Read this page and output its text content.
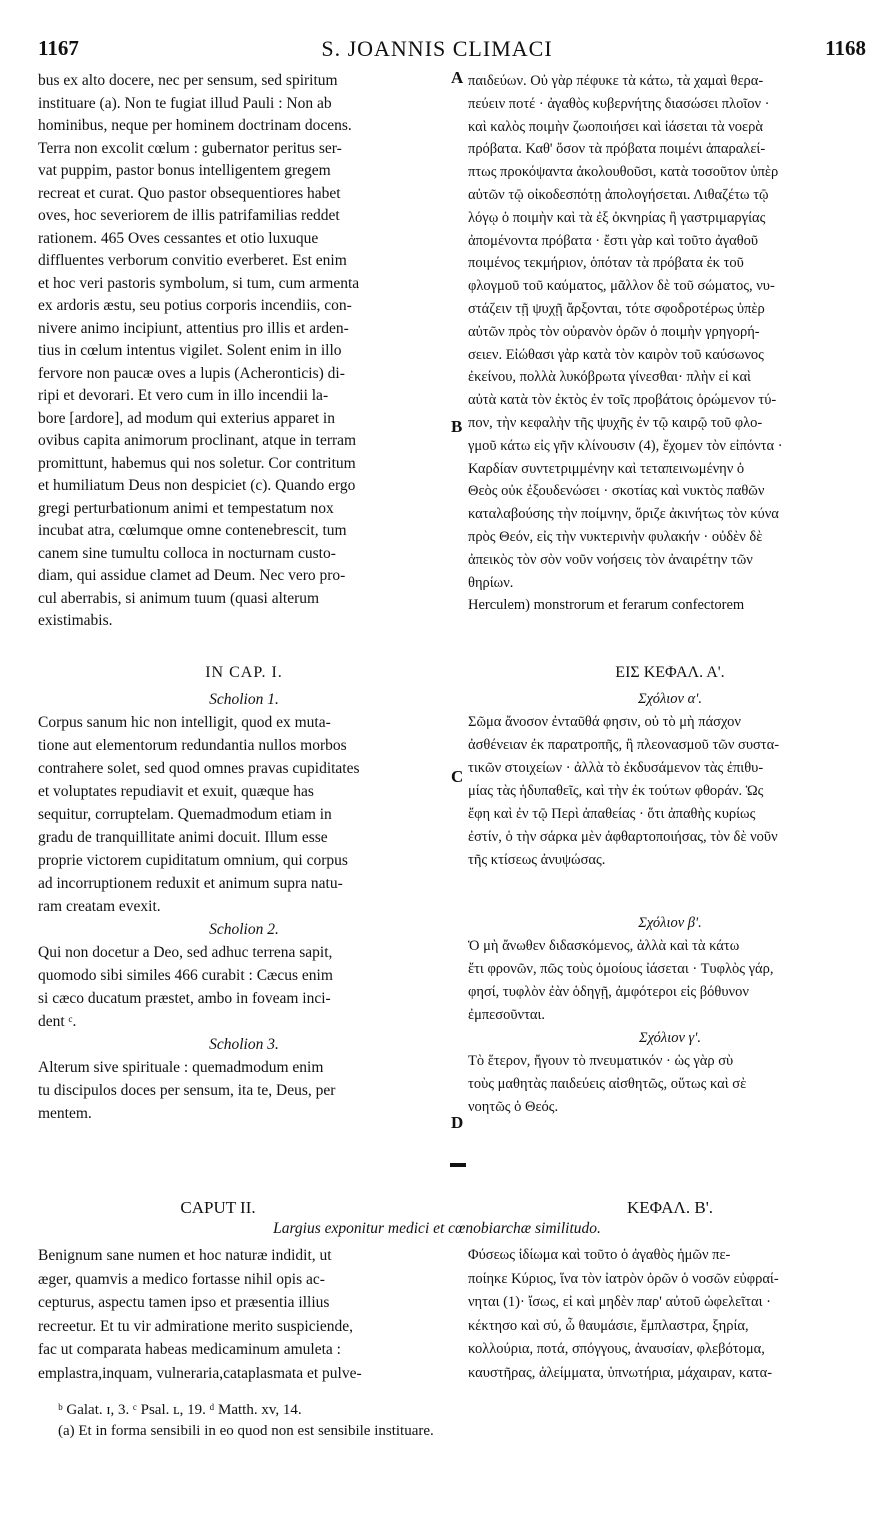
1167	S. JOANNIS CLIMACI	1168
bus ex alto docere, nec per sensum, sed spiritum
instituare (a). Non te fugiat illud Pauli : Non ab
hominibus, neque per hominem doctrinam docens.
Terra non excolit cœlum : gubernator peritus ser-
vat puppim, pastor bonus intelligentem gregem
recreat et curat. Quo pastor obsequentiores habet
oves, hoc severiorem de illis patrifamilias reddet
rationem. 465 Oves cessantes et otio luxuque
diffluentes verborum convitio everberet. Est enim
et hoc veri pastoris symbolum, si tum, cum armenta
ex ardoris æstu, seu potius corporis incendiis, con-
nivere animo incipiunt, attentius pro illis et arden-
tius in cœlum intentus vigilet. Solent enim in illo
fervore non paucæ oves a lupis (Acheronticis) di-
ripi et devorari. Et vero cum in illo incendii la-
bore [ardore], ad modum qui exterius apparet in
ovibus capita animorum proclinant, atque in terram
promittunt, habemus qui nos soletur. Cor contritum
et humiliatum Deus non despiciet (c). Quando ergo
gregi perturbationum animi et tempestatum nox
incubat atra, cœlumque omne contenebrescit, tum
canem sine tumultu colloca in nocturnam custo-
diam, qui assidue clamet ad Deum. Nec vero pro-
cul aberrabis, si animum tuum (quasi alterum
existimabis.
παιδεύων. Οὐ γὰρ πέφυκε τὰ κάτω, τὰ χαμαὶ θερα-
πεύειν ποτέ · ἀγαθὸς κυβερνήτης διασώσει πλοῖον ·
καὶ καλὸς ποιμὴν ζωοποιήσει καὶ ἰάσεται τὰ νοερὰ
πρόβατα. Καθ' ὅσον τὰ πρόβατα ποιμένι ἀπαραλεί-
πτως προκόψαντα ἀκολουθοῦσι, κατὰ τοσοῦτον ὑπὲρ
αὐτῶν τῷ οἰκοδεσπότῃ ἀπολογήσεται. Λιθαζέτω τῷ
λόγῳ ὁ ποιμὴν καὶ τὰ ἐξ ὀκνηρίας ἢ γαστριμαργίας
ἀπομένοντα πρόβατα · ἔστι γὰρ καὶ τοῦτο ἀγαθοῦ
ποιμένος τεκμήριον, ὁπόταν τὰ πρόβατα ἐκ τοῦ
φλογμοῦ τοῦ καύματος, μᾶλλον δὲ τοῦ σώματος, νυ-
στάζειν τῇ ψυχῇ ἄρξονται, τότε σφοδροτέρως ὑπὲρ
αὐτῶν πρὸς τὸν οὐρανὸν ὁρῶν ὁ ποιμὴν γρηγορή-
σειεν. Εἰώθασι γὰρ κατὰ τὸν καιρὸν τοῦ καύσωνος
ἐκείνου, πολλὰ λυκόβρωτα γίνεσθαι· πλὴν εἰ καὶ
αὐτὰ κατὰ τὸν ἐκτὸς ἐν τοῖς προβάτοις ὁρώμενον τύ-
πον, τὴν κεφαλὴν τῆς ψυχῆς ἐν τῷ καιρῷ τοῦ φλο-
γμοῦ κάτω εἰς γῆν κλίνουσιν (4), ἔχομεν τὸν εἰπόντα ·
Καρδίαν συντετριμμένην καὶ τεταπεινωμένην ὁ
Θεὸς οὐκ ἐξουδενώσει · σκοτίας καὶ νυκτὸς παθῶν
καταλαβούσης τὴν ποίμνην, ὅριζε ἀκινήτως τὸν κύνα
πρὸς Θεόν, εἰς τὴν νυκτερινὴν φυλακήν · οὐδὲν δὲ
ἀπεικὸς τὸν σὸν νοῦν νοήσεις τὸν ἀναιρέτην τῶν
θηρίων.
Herculem) monstrorum et ferarum confectorem
A
B
C
D
IN CAP. I.	ΕΙΣ ΚΕΦΑΛ. Α'.
Scholion 1.
Corpus sanum hic non intelligit, quod ex muta-
tione aut elementorum redundantia nullos morbos
contrahere solet, sed quod omnes pravas cupiditates
et voluptates repudiavit et exuit, quæque has
sequitur, corruptelam. Quemadmodum etiam in
gradu de tranquillitate animi docuit. Illum esse
proprie victorem cupiditatum omnium, qui corpus
ad incorruptionem reduxit et animum supra natu-
ram creatam evexit.
Scholion 2.
Qui non docetur a Deo, sed adhuc terrena sapit,
quomodo sibi similes 466 curabit : Cæcus enim
si cæco ducatum præstet, ambo in foveam inci-
dent ᶜ.
Scholion 3.
Alterum sive spirituale : quemadmodum enim
tu discipulos doces per sensum, ita te, Deus, per
mentem.
Σχόλιον α'.
Σῶμα ἄνοσον ἐνταῦθά φησιν, οὐ τὸ μὴ πάσχον
ἀσθένειαν ἐκ παρατροπῆς, ἢ πλεονασμοῦ τῶν συστα-
τικῶν στοιχείων · ἀλλὰ τὸ ἐκδυσάμενον τὰς ἐπιθυ-
μίας τὰς ἡδυπαθεῖς, καὶ τὴν ἐκ τούτων φθοράν. Ὡς
ἔφη καὶ ἐν τῷ Περὶ ἀπαθείας · ὅτι ἀπαθὴς κυρίως
ἐστίν, ὁ τὴν σάρκα μὲν ἀφθαρτοποιήσας, τὸν δὲ νοῦν
τῆς κτίσεως ἀνυψώσας.
Σχόλιον β'.
Ὁ μὴ ἄνωθεν διδασκόμενος, ἀλλὰ καὶ τὰ κάτω
ἔτι φρονῶν, πῶς τοὺς ὁμοίους ἰάσεται · Τυφλὸς γάρ,
φησί, τυφλὸν ἐὰν ὁδηγῇ, ἀμφότεροι εἰς βόθυνον
ἐμπεσοῦνται.
Σχόλιον γ'.
Τὸ ἕτερον, ἤγουν τὸ πνευματικόν · ὡς γὰρ σὺ
τοὺς μαθητὰς παιδεύεις αἰσθητῶς, οὕτως καὶ σὲ
νοητῶς ὁ Θεός.
CAPUT II.	ΚΕΦΑΛ. Β'.
Largius exponitur medici et cœnobiarchæ similitudo.
Benignum sane numen et hoc naturæ indidit, ut
æger, quamvis a medico fortasse nihil opis ac-
cepturus, aspectu tamen ipso et præsentia illius
recreetur. Et tu vir admiratione merito suspiciende,
fac ut comparata habeas medicaminum amuleta :
emplastra,inquam, vulneraria,cataplasmata et pulve-
Φύσεως ἰδίωμα καὶ τοῦτο ὁ ἀγαθὸς ἡμῶν πε-
ποίηκε Κύριος, ἵνα τὸν ἰατρὸν ὁρῶν ὁ νοσῶν εὐφραί-
νηται (1)· ἴσως, εἰ καὶ μηδὲν παρ' αὐτοῦ ὠφελεῖται ·
κέκτησο καὶ σύ, ὦ θαυμάσιε, ἔμπλαστρα, ξηρία,
κολλούρια, ποτά, σπόγγους, ἀναυσίαν, φλεβότομα,
καυστῆρας, ἀλείμματα, ὑπνωτήρια, μάχαιραν, κατα-
ᵇ Galat. ɪ, 3. ᶜ Psal. ʟ, 19. ᵈ Matth. xv, 14.
(a) Et in forma sensibili in eo quod non est sensibile instituare.
